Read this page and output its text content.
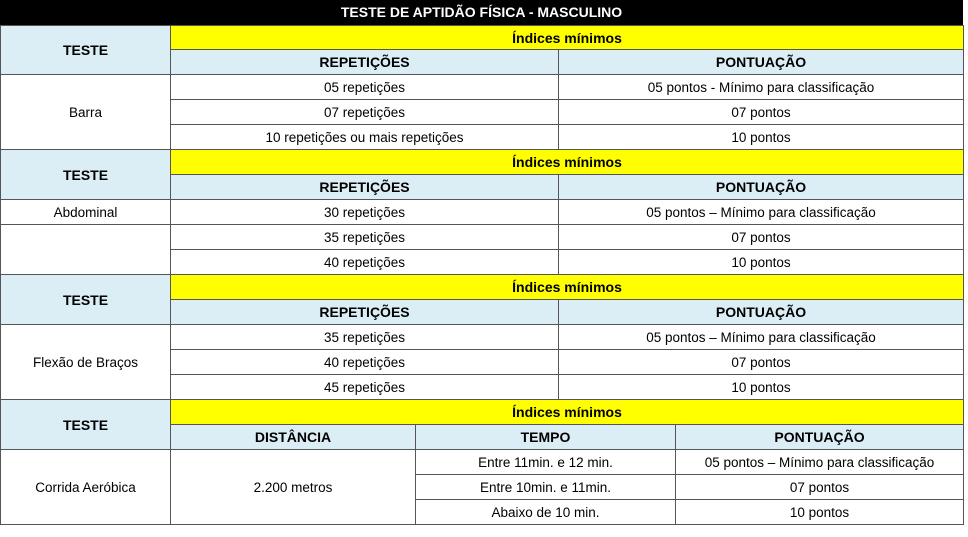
TESTE DE APTIDÃO FÍSICA - MASCULINO
TESTE	Índices mínimos			
	REPETIÇÕES		PONTUAÇÃO	
Barra	05 repetições		05 pontos - Mínimo para classificação	
	07 repetições		07 pontos	
	10 repetições ou mais repetições		10 pontos	
TESTE	Índices mínimos			
	REPETIÇÕES		PONTUAÇÃO	
Abdominal	30 repetições		05 pontos – Mínimo para classificação	
	35 repetições		07 pontos	
	40 repetições		10 pontos	
TESTE	Índices mínimos			
	REPETIÇÕES		PONTUAÇÃO	
Flexão de Braços	35 repetições		05 pontos – Mínimo para classificação	
	40 repetições		07 pontos	
	45 repetições		10 pontos	
TESTE	Índices mínimos			
	DISTÂNCIA	TEMPO		PONTUAÇÃO
Corrida Aeróbica	2.200 metros	Entre 11min. e 12 min.		05 pontos – Mínimo para classificação
		Entre 10min. e 11min.		07 pontos
		Abaixo de 10 min.		10 pontos
